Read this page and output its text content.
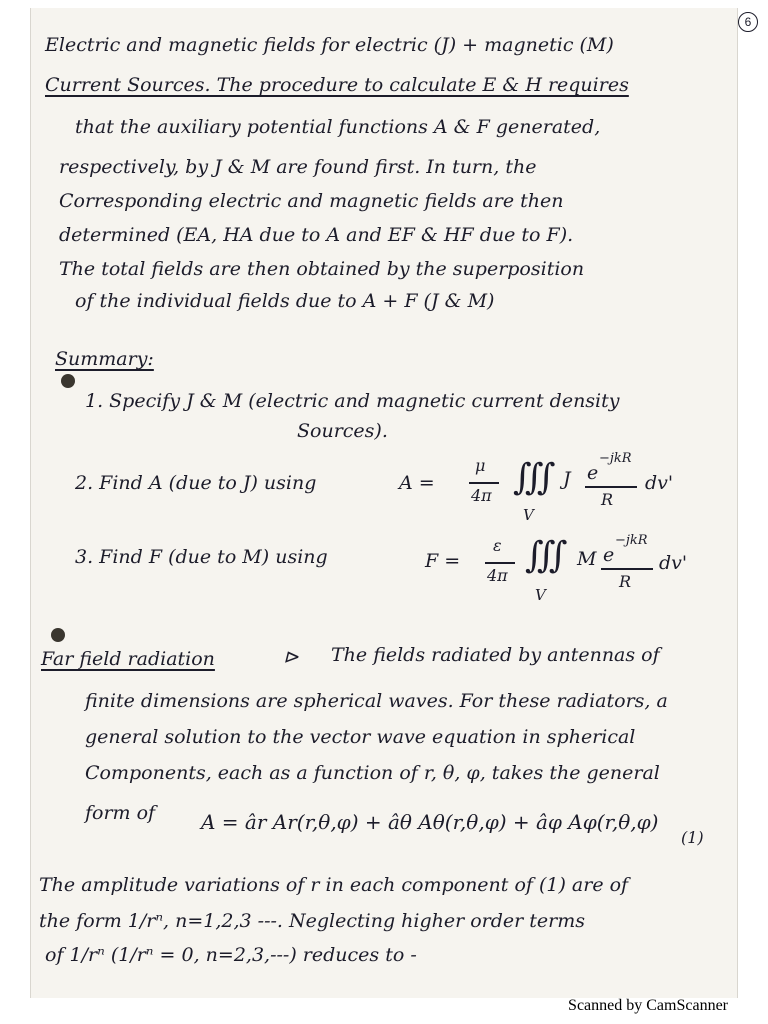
6
Electric and magnetic fields for electric (J) + magnetic (M)
Current Sources. The procedure to calculate E & H requires
that the auxiliary potential functions A & F generated,
respectively, by J & M are found first. In turn, the
Corresponding electric and magnetic fields are then
determined (EA, HA due to A and EF & HF due to F).
The total fields are then obtained by the superposition
of the individual fields due to A + F (J & M)
Summary:
1. Specify J & M (electric and magnetic current density
Sources).
2. Find A (due to J) using	A =
μ
4π ∭
V
J e
−jkR
R
dv'
3. Find F (due to M) using	F =
ε
4π ∭
V
M e
−jkR
R
dv'
Far field radiation	⊳ The fields radiated by antennas of
finite dimensions are spherical waves. For these radiators, a
general solution to the vector wave equation in spherical
Components, each as a function of r, θ, φ, takes the general
form of A = âr Ar(r,θ,φ) + âθ Aθ(r,θ,φ) + âφ Aφ(r,θ,φ)
(1)
The amplitude variations of r in each component of (1) are of
the form 1/rⁿ, n=1,2,3 ---. Neglecting higher order terms
of 1/rⁿ (1/rⁿ = 0, n=2,3,---) reduces to -
Scanned by CamScanner
